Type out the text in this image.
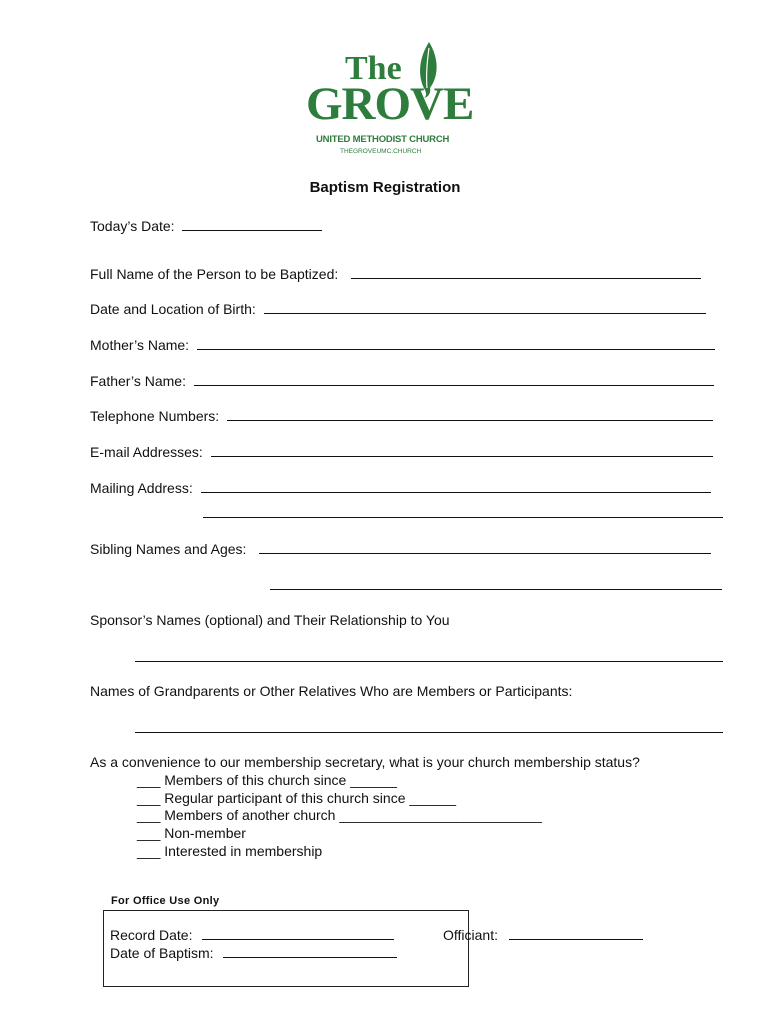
The
GROVE
UNITED METHODIST CHURCH
THEGROVEUMC.CHURCH
Baptism Registration
Today’s Date:
Full Name of the Person to be Baptized:
Date and Location of Birth:
Mother’s Name:
Father’s Name:
Telephone Numbers:
E-mail Addresses:
Mailing Address:
Sibling Names and Ages:
Sponsor’s Names (optional) and Their Relationship to You
Names of Grandparents or Other Relatives Who are Members or Participants:
As a convenience to our membership secretary, what is your church membership status?
___ Members of this church since ______
___ Regular participant of this church since ______
___ Members of another church __________________________
___ Non-member
___ Interested in membership
For Office Use Only
Record Date:	Officiant:
Date of Baptism:
